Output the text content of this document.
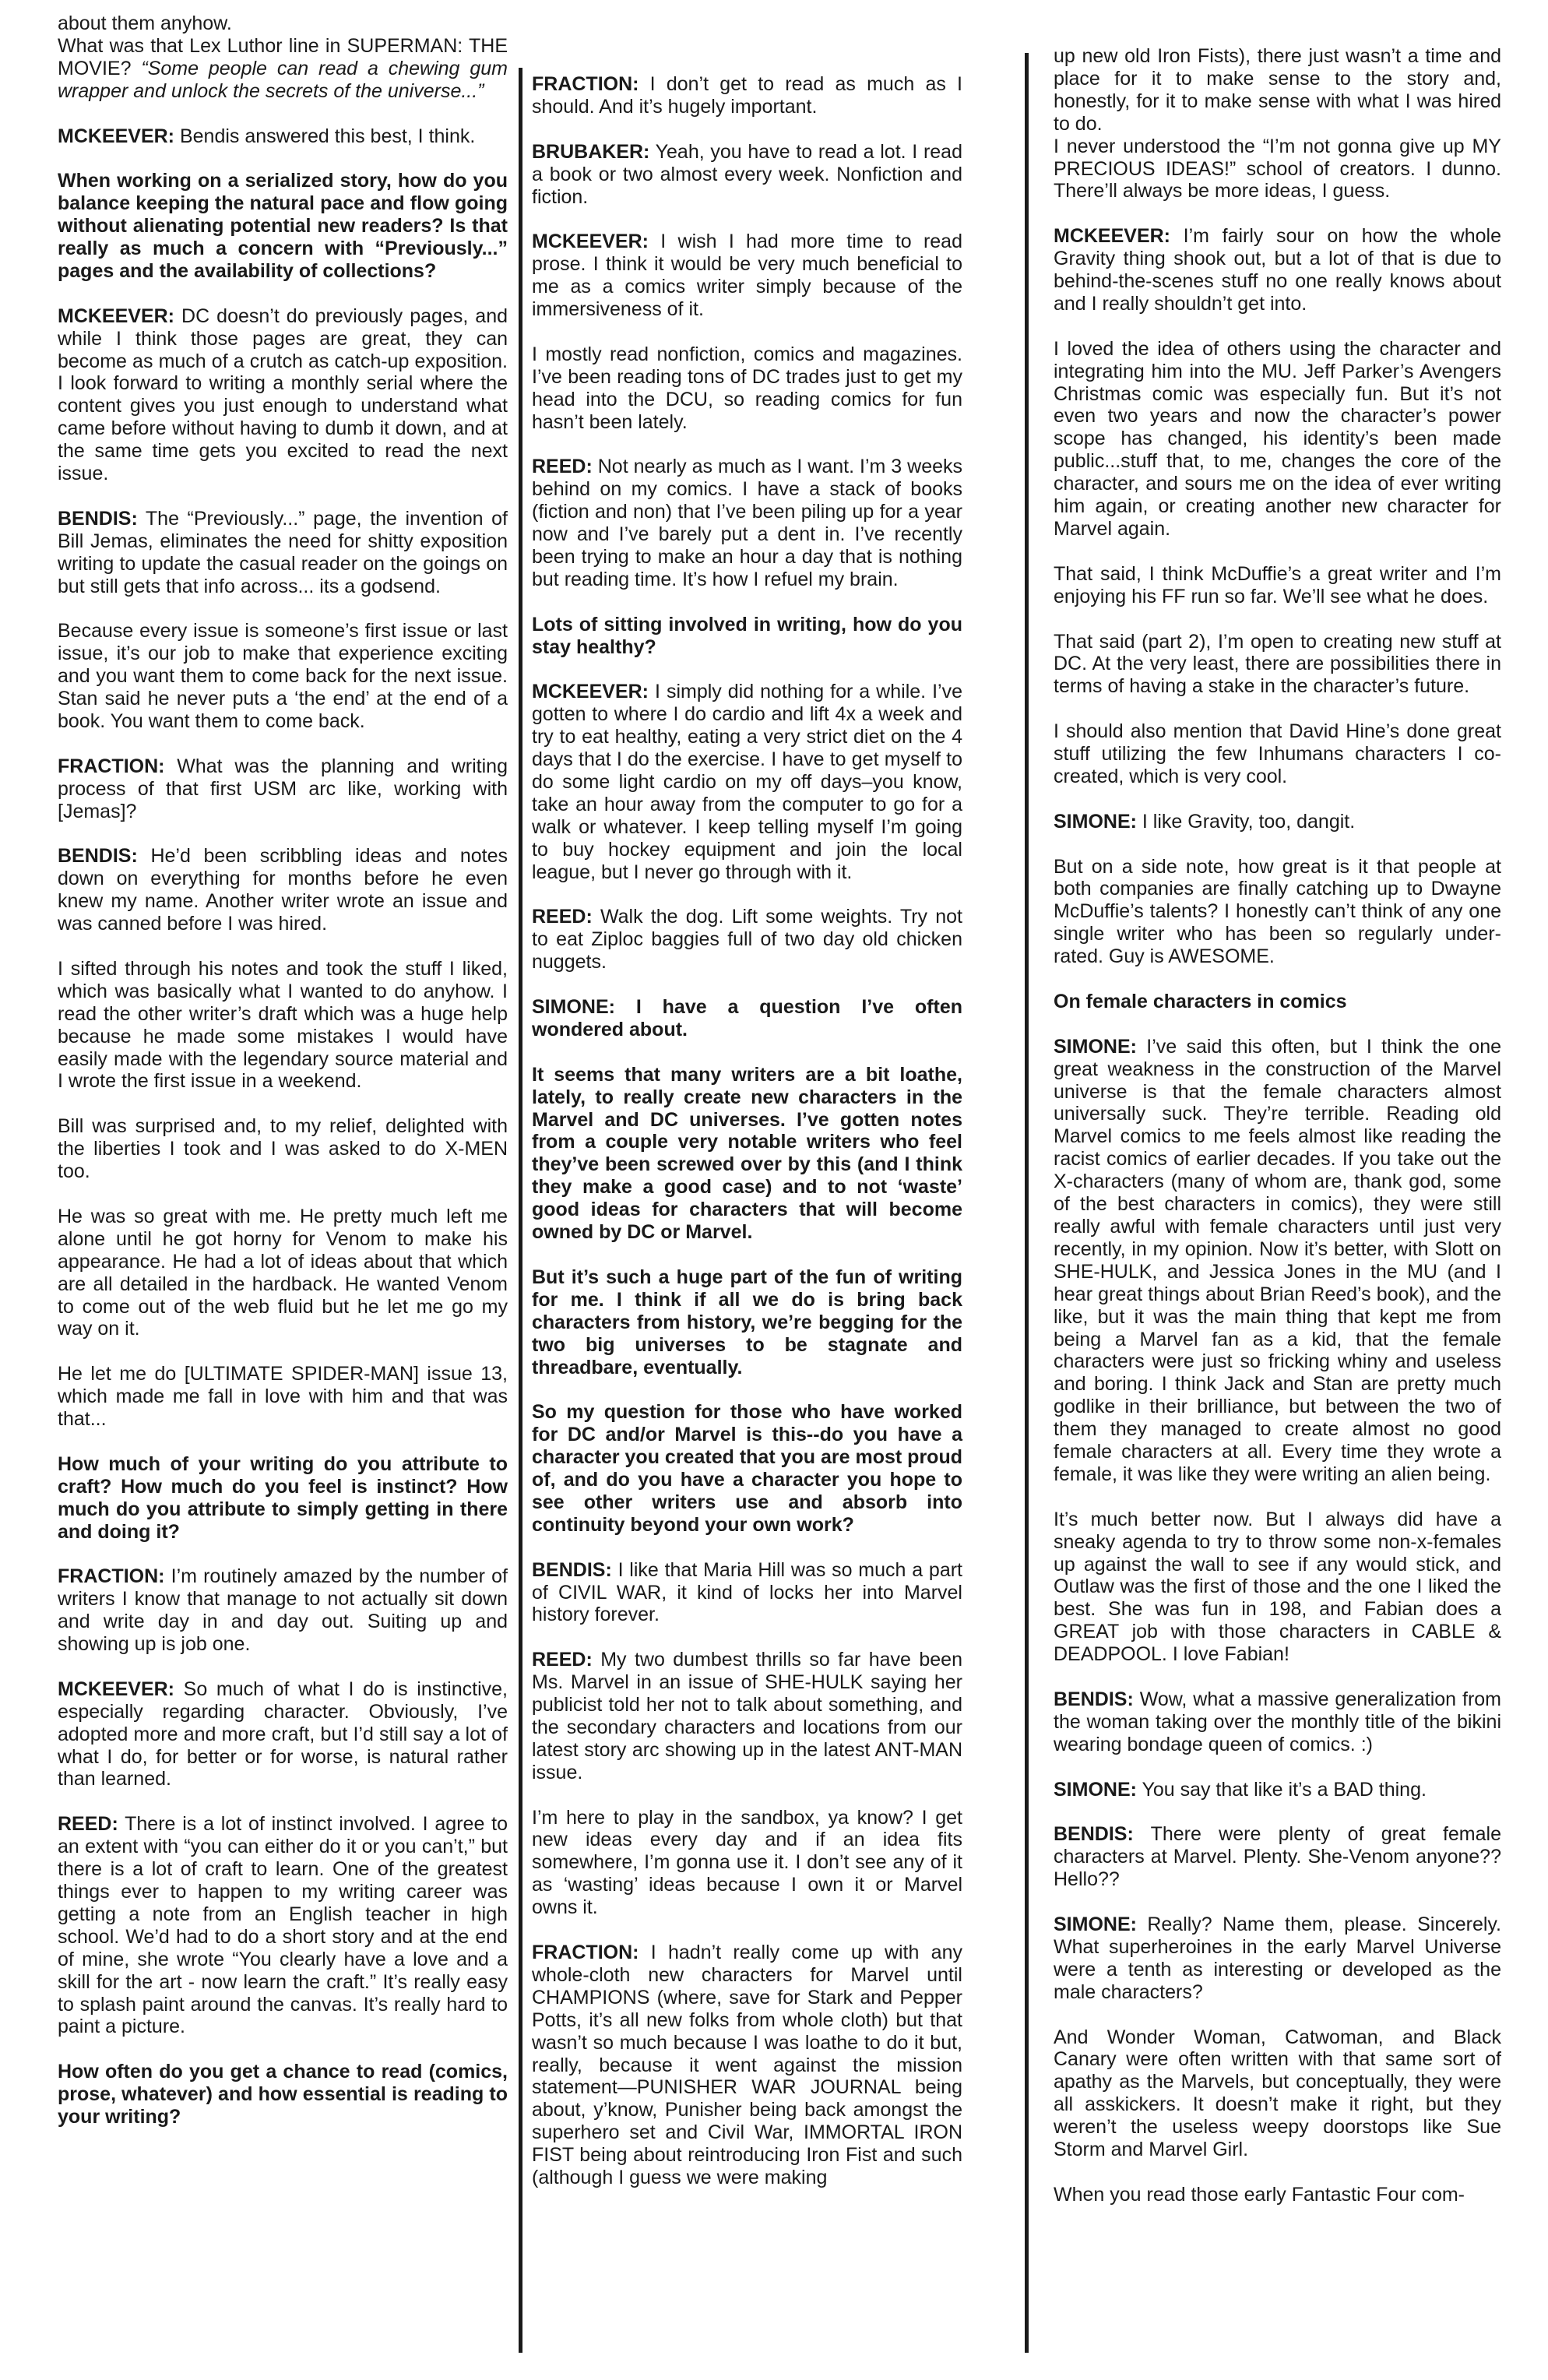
about them anyhow.
What was that Lex Luthor line in SUPERMAN: THE MOVIE? “Some people can read a chewing gum wrapper and unlock the secrets of the universe...”

MCKEEVER: Bendis answered this best, I think.

When working on a serialized story, how do you balance keeping the natural pace and flow going without alienating potential new readers? Is that really as much a concern with “Previously...” pages and the availability of collections?

MCKEEVER: DC doesn’t do previously pages, and while I think those pages are great, they can become as much of a crutch as catch-up exposition. I look forward to writing a monthly serial where the content gives you just enough to understand what came before without having to dumb it down, and at the same time gets you excited to read the next issue.

BENDIS: The “Previously...” page, the invention of Bill Jemas, eliminates the need for shitty exposition writing to update the casual reader on the goings on but still gets that info across... its a godsend.

Because every issue is someone’s first issue or last issue, it’s our job to make that experience exciting and you want them to come back for the next issue. Stan said he never puts a ‘the end’ at the end of a book. You want them to come back.

FRACTION: What was the planning and writing process of that first USM arc like, working with [Jemas]?

BENDIS: He’d been scribbling ideas and notes down on everything for months before he even knew my name. Another writer wrote an issue and was canned before I was hired.

I sifted through his notes and took the stuff I liked, which was basically what I wanted to do anyhow. I read the other writer’s draft which was a huge help because he made some mistakes I would have easily made with the legendary source material and I wrote the first issue in a weekend.

Bill was surprised and, to my relief, delighted with the liberties I took and I was asked to do X-MEN too.

He was so great with me. He pretty much left me alone until he got horny for Venom to make his appearance. He had a lot of ideas about that which are all detailed in the hardback. He wanted Venom to come out of the web fluid but he let me go my way on it.

He let me do [ULTIMATE SPIDER-MAN] issue 13, which made me fall in love with him and that was that...

How much of your writing do you attribute to craft? How much do you feel is instinct? How much do you attribute to simply getting in there and doing it?

FRACTION: I’m routinely amazed by the number of writers I know that manage to not actually sit down and write day in and day out. Suiting up and showing up is job one.

MCKEEVER: So much of what I do is instinctive, especially regarding character. Obviously, I’ve adopted more and more craft, but I’d still say a lot of what I do, for better or for worse, is natural rather than learned.

REED: There is a lot of instinct involved. I agree to an extent with “you can either do it or you can’t,” but there is a lot of craft to learn. One of the greatest things ever to happen to my writing career was getting a note from an English teacher in high school. We’d had to do a short story and at the end of mine, she wrote “You clearly have a love and a skill for the art - now learn the craft.” It’s really easy to splash paint around the canvas. It’s really hard to paint a picture.

How often do you get a chance to read (comics, prose, whatever) and how essential is reading to your writing?

FRACTION: I don’t get to read as much as I should. And it’s hugely important.

BRUBAKER: Yeah, you have to read a lot. I read a book or two almost every week. Nonfiction and fiction.

MCKEEVER: I wish I had more time to read prose. I think it would be very much beneficial to me as a comics writer simply because of the immersiveness of it.

I mostly read nonfiction, comics and magazines. I’ve been reading tons of DC trades just to get my head into the DCU, so reading comics for fun hasn’t been lately.

REED: Not nearly as much as I want. I’m 3 weeks behind on my comics. I have a stack of books (fiction and non) that I’ve been piling up for a year now and I’ve barely put a dent in. I’ve recently been trying to make an hour a day that is nothing but reading time. It’s how I refuel my brain.

Lots of sitting involved in writing, how do you stay healthy?

MCKEEVER: I simply did nothing for a while. I’ve gotten to where I do cardio and lift 4x a week and try to eat healthy, eating a very strict diet on the 4 days that I do the exercise. I have to get myself to do some light cardio on my off days–you know, take an hour away from the computer to go for a walk or whatever. I keep telling myself I’m going to buy hockey equipment and join the local league, but I never go through with it.

REED: Walk the dog. Lift some weights. Try not to eat Ziploc baggies full of two day old chicken nuggets.

SIMONE: I have a question I’ve often wondered about.

It seems that many writers are a bit loathe, lately, to really create new characters in the Marvel and DC universes. I’ve gotten notes from a couple very notable writers who feel they’ve been screwed over by this (and I think they make a good case) and to not ‘waste’ good ideas for characters that will become owned by DC or Marvel.

But it’s such a huge part of the fun of writing for me. I think if all we do is bring back characters from history, we’re begging for the two big universes to be stagnate and threadbare, eventually.

So my question for those who have worked for DC and/or Marvel is this--do you have a character you created that you are most proud of, and do you have a character you hope to see other writers use and absorb into continuity beyond your own work?

BENDIS: I like that Maria Hill was so much a part of CIVIL WAR, it kind of locks her into Marvel history forever.

REED: My two dumbest thrills so far have been Ms. Marvel in an issue of SHE-HULK saying her publicist told her not to talk about something, and the secondary characters and locations from our latest story arc showing up in the latest ANT-MAN issue.

I’m here to play in the sandbox, ya know? I get new ideas every day and if an idea fits somewhere, I’m gonna use it. I don’t see any of it as ‘wasting’ ideas because I own it or Marvel owns it.

FRACTION: I hadn’t really come up with any whole-cloth new characters for Marvel until CHAMPIONS (where, save for Stark and Pepper Potts, it’s all new folks from whole cloth) but that wasn’t so much because I was loathe to do it but, really, because it went against the mission statement—PUNISHER WAR JOURNAL being about, y’know, Punisher being back amongst the superhero set and Civil War, IMMORTAL IRON FIST being about reintroducing Iron Fist and such (although I guess we were making

up new old Iron Fists), there just wasn’t a time and place for it to make sense to the story and, honestly, for it to make sense with what I was hired to do.
I never understood the “I’m not gonna give up MY PRECIOUS IDEAS!” school of creators. I dunno. There’ll always be more ideas, I guess.

MCKEEVER: I’m fairly sour on how the whole Gravity thing shook out, but a lot of that is due to behind-the-scenes stuff no one really knows about and I really shouldn’t get into.

I loved the idea of others using the character and integrating him into the MU. Jeff Parker’s Avengers Christmas comic was especially fun. But it’s not even two years and now the character’s power scope has changed, his identity’s been made public...stuff that, to me, changes the core of the character, and sours me on the idea of ever writing him again, or creating another new character for Marvel again.

That said, I think McDuffie’s a great writer and I’m enjoying his FF run so far. We’ll see what he does.

That said (part 2), I’m open to creating new stuff at DC. At the very least, there are possibilities there in terms of having a stake in the character’s future.

I should also mention that David Hine’s done great stuff utilizing the few Inhumans characters I co-created, which is very cool.

SIMONE: I like Gravity, too, dangit.

But on a side note, how great is it that people at both companies are finally catching up to Dwayne McDuffie’s talents? I honestly can’t think of any one single writer who has been so regularly under-rated. Guy is AWESOME.

On female characters in comics

SIMONE: I’ve said this often, but I think the one great weakness in the construction of the Marvel universe is that the female characters almost universally suck. They’re terrible. Reading old Marvel comics to me feels almost like reading the racist comics of earlier decades. If you take out the X-characters (many of whom are, thank god, some of the best characters in comics), they were still really awful with female characters until just very recently, in my opinion. Now it’s better, with Slott on SHE-HULK, and Jessica Jones in the MU (and I hear great things about Brian Reed’s book), and the like, but it was the main thing that kept me from being a Marvel fan as a kid, that the female characters were just so fricking whiny and useless and boring. I think Jack and Stan are pretty much godlike in their brilliance, but between the two of them they managed to create almost no good female characters at all. Every time they wrote a female, it was like they were writing an alien being.

It’s much better now. But I always did have a sneaky agenda to try to throw some non-x-females up against the wall to see if any would stick, and Outlaw was the first of those and the one I liked the best. She was fun in 198, and Fabian does a GREAT job with those characters in CABLE & DEADPOOL. I love Fabian!

BENDIS: Wow, what a massive generalization from the woman taking over the monthly title of the bikini wearing bondage queen of comics. :)

SIMONE: You say that like it’s a BAD thing.

BENDIS: There were plenty of great female characters at Marvel. Plenty. She-Venom anyone?? Hello??

SIMONE: Really? Name them, please. Sincerely. What superheroines in the early Marvel Universe were a tenth as interesting or developed as the male characters?

And Wonder Woman, Catwoman, and Black Canary were often written with that same sort of apathy as the Marvels, but conceptually, they were all asskickers. It doesn’t make it right, but they weren’t the useless weepy doorstops like Sue Storm and Marvel Girl.

When you read those early Fantastic Four com-
